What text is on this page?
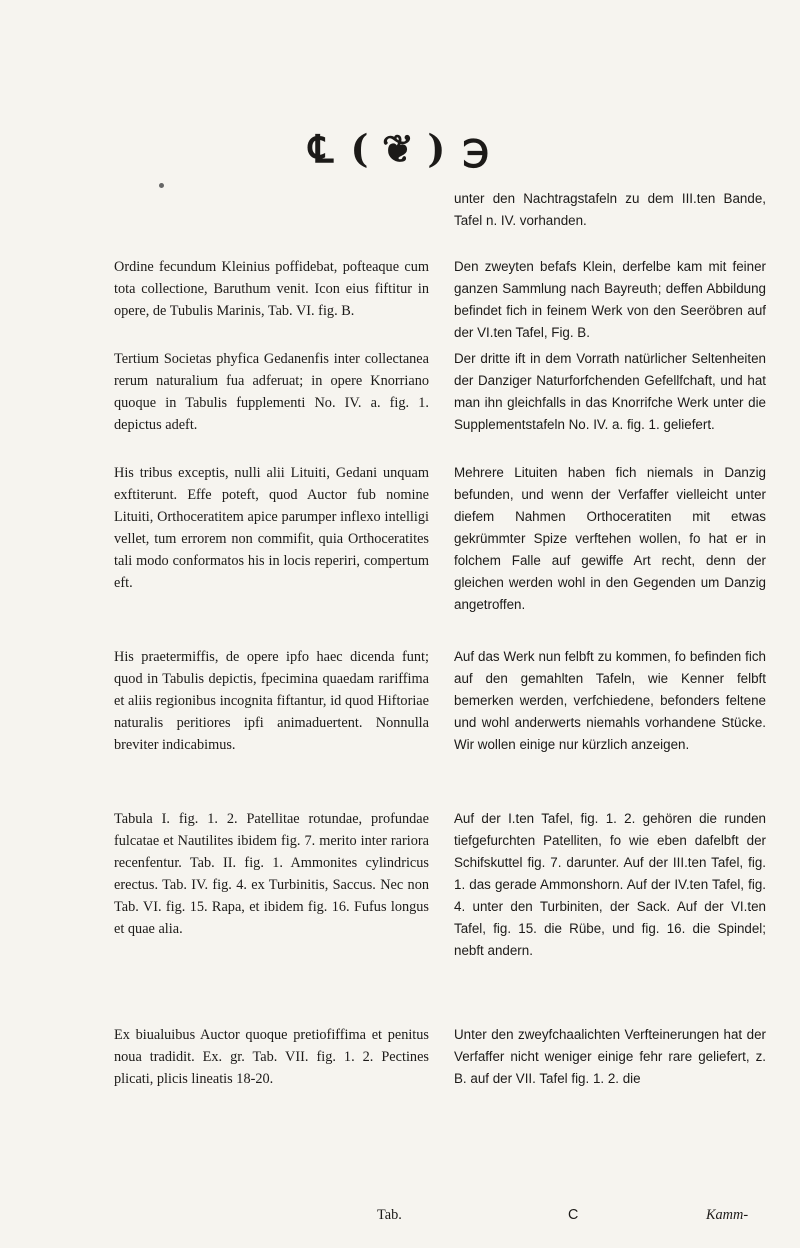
℄ ( ❦ ) ℈

unter den Nachtragstafeln zu dem III.ten Bande, Tafel n. IV. vorhanden.

Ordine fecundum Kleinius poffidebat, pofteaque cum tota collectione, Baruthum venit. Icon eius fiftitur in opere, de Tubulis Marinis, Tab. VI. fig. B.

Tertium Societas phyfica Gedanenfis inter collectanea rerum naturalium fua adferuat; in opere Knorriano quoque in Tabulis fupplementi No. IV. a. fig. 1. depictus adeft.

His tribus exceptis, nulli alii Lituiti, Gedani unquam exftiterunt. Effe poteft, quod Auctor fub nomine Lituiti, Orthoceratitem apice parumper inflexo intelligi vellet, tum errorem non commifit, quia Orthoceratites tali modo conformatos his in locis reperiri, compertum eft.

His praetermiffis, de opere ipfo haec dicenda funt; quod in Tabulis depictis, fpecimina quaedam rariffima et aliis regionibus incognita fiftantur, id quod Hiftoriae naturalis peritiores ipfi animaduertent. Nonnulla breviter indicabimus.

Tabula I. fig. 1. 2. Patellitae rotundae, profundae fulcatae et Nautilites ibidem fig. 7. merito inter rariora recenfentur. Tab. II. fig. 1. Ammonites cylindricus erectus. Tab. IV. fig. 4. ex Turbinitis, Saccus. Nec non Tab. VI. fig. 15. Rapa, et ibidem fig. 16. Fufus longus et quae alia.

Ex biualuibus Auctor quoque pretiofiffima et penitus noua tradidit. Ex. gr. Tab. VII. fig. 1. 2. Pectines plicati, plicis lineatis 18-20.

Den zweyten befafs Klein, derfelbe kam mit feiner ganzen Sammlung nach Bayreuth; deffen Abbildung befindet fich in feinem Werk von den Seeröbren auf der VI.ten Tafel, Fig. B.

Der dritte ift in dem Vorrath natürlicher Seltenheiten der Danziger Naturforfchenden Gefellfchaft, und hat man ihn gleichfalls in das Knorrifche Werk unter die Supplementstafeln No. IV. a. fig. 1. geliefert.

Mehrere Lituiten haben fich niemals in Danzig befunden, und wenn der Verfaffer vielleicht unter diefem Nahmen Orthoceratiten mit etwas gekrümmter Spize verftehen wollen, fo hat er in folchem Falle auf gewiffe Art recht, denn der gleichen werden wohl in den Gegenden um Danzig angetroffen.

Auf das Werk nun felbft zu kommen, fo befinden fich auf den gemahlten Tafeln, wie Kenner felbft bemerken werden, verfchiedene, befonders feltene und wohl anderwerts niemahls vorhandene Stücke. Wir wollen einige nur kürzlich anzeigen.

Auf der I.ten Tafel, fig. 1. 2. gehören die runden tiefgefurchten Patelliten, fo wie eben dafelbft der Schifskuttel fig. 7. darunter. Auf der III.ten Tafel, fig. 1. das gerade Ammonshorn. Auf der IV.ten Tafel, fig. 4. unter den Turbiniten, der Sack. Auf der VI.ten Tafel, fig. 15. die Rübe, und fig. 16. die Spindel; nebft andern.

Unter den zweyfchaalichten Verfteinerungen hat der Verfaffer nicht weniger einige fehr rare geliefert, z. B. auf der VII. Tafel fig. 1. 2. die

Tab.	C	Kamm-
